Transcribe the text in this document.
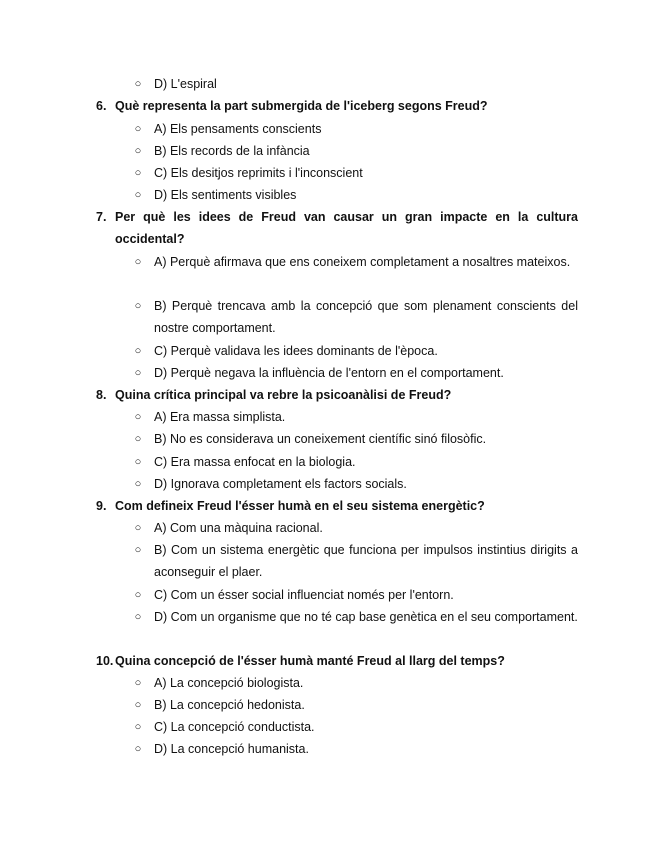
○ D) L'espiral
6. Què representa la part submergida de l'iceberg segons Freud?
○ A) Els pensaments conscients
○ B) Els records de la infància
○ C) Els desitjos reprimits i l'inconscient
○ D) Els sentiments visibles
7. Per què les idees de Freud van causar un gran impacte en la cultura occidental?
○ A) Perquè afirmava que ens coneixem completament a nosaltres mateixos.
○ B) Perquè trencava amb la concepció que som plenament conscients del nostre comportament.
○ C) Perquè validava les idees dominants de l'època.
○ D) Perquè negava la influència de l'entorn en el comportament.
8. Quina crítica principal va rebre la psicoanàlisi de Freud?
○ A) Era massa simplista.
○ B) No es considerava un coneixement científic sinó filosòfic.
○ C) Era massa enfocat en la biologia.
○ D) Ignorava completament els factors socials.
9. Com defineix Freud l'ésser humà en el seu sistema energètic?
○ A) Com una màquina racional.
○ B) Com un sistema energètic que funciona per impulsos instintius dirigits a aconseguir el plaer.
○ C) Com un ésser social influenciat només per l'entorn.
○ D) Com un organisme que no té cap base genètica en el seu comportament.
10. Quina concepció de l'ésser humà manté Freud al llarg del temps?
○ A) La concepció biologista.
○ B) La concepció hedonista.
○ C) La concepció conductista.
○ D) La concepció humanista.
